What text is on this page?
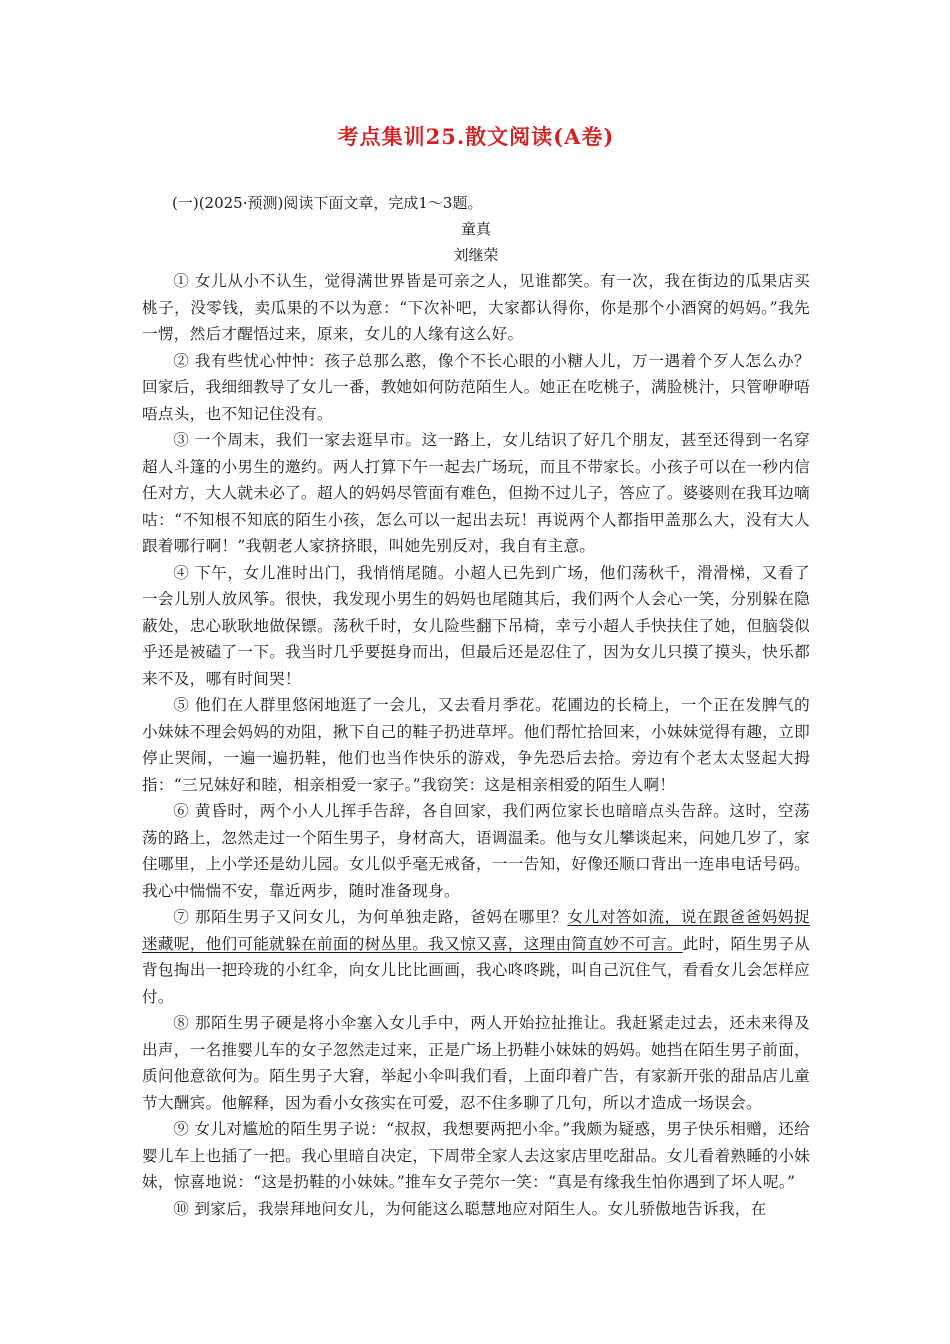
考点集训25.散文阅读(A卷)

(一)(2025·预测)阅读下面文章，完成1～3题。

童真

刘继荣

① 女儿从小不认生，觉得满世界皆是可亲之人，见谁都笑。有一次，我在街边的瓜果店买桃子，没零钱，卖瓜果的不以为意：“下次补吧，大家都认得你，你是那个小酒窝的妈妈。”我先一愣，然后才醒悟过来，原来，女儿的人缘有这么好。

② 我有些忧心忡忡：孩子总那么憨，像个不长心眼的小糖人儿，万一遇着个歹人怎么办？回家后，我细细教导了女儿一番，教她如何防范陌生人。她正在吃桃子，满脸桃汁，只管咿咿唔唔点头，也不知记住没有。

③ 一个周末，我们一家去逛早市。这一路上，女儿结识了好几个朋友，甚至还得到一名穿超人斗篷的小男生的邀约。两人打算下午一起去广场玩，而且不带家长。小孩子可以在一秒内信任对方，大人就未必了。超人的妈妈尽管面有难色，但拗不过儿子，答应了。婆婆则在我耳边嘀咕：“不知根不知底的陌生小孩，怎么可以一起出去玩！再说两个人都指甲盖那么大，没有大人跟着哪行啊！”我朝老人家挤挤眼，叫她先别反对，我自有主意。

④ 下午，女儿准时出门，我悄悄尾随。小超人已先到广场，他们荡秋千，滑滑梯，又看了一会儿别人放风筝。很快，我发现小男生的妈妈也尾随其后，我们两个人会心一笑，分别躲在隐蔽处，忠心耿耿地做保镖。荡秋千时，女儿险些翻下吊椅，幸亏小超人手快扶住了她，但脑袋似乎还是被磕了一下。我当时几乎要挺身而出，但最后还是忍住了，因为女儿只摸了摸头，快乐都来不及，哪有时间哭！

⑤ 他们在人群里悠闲地逛了一会儿，又去看月季花。花圃边的长椅上，一个正在发脾气的小妹妹不理会妈妈的劝阻，揪下自己的鞋子扔进草坪。他们帮忙拾回来，小妹妹觉得有趣，立即停止哭闹，一遍一遍扔鞋，他们也当作快乐的游戏，争先恐后去拾。旁边有个老太太竖起大拇指：“三兄妹好和睦，相亲相爱一家子。”我窃笑：这是相亲相爱的陌生人啊！

⑥ 黄昏时，两个小人儿挥手告辞，各自回家，我们两位家长也暗暗点头告辞。这时，空荡荡的路上，忽然走过一个陌生男子，身材高大，语调温柔。他与女儿攀谈起来，问她几岁了，家住哪里，上小学还是幼儿园。女儿似乎毫无戒备，一一告知，好像还顺口背出一连串电话号码。我心中惴惴不安，靠近两步，随时准备现身。

⑦ 那陌生男子又问女儿，为何单独走路，爸妈在哪里？女儿对答如流，说在跟爸爸妈妈捉迷藏呢，他们可能就躲在前面的树丛里。我又惊又喜，这理由简直妙不可言。此时，陌生男子从背包掏出一把玲珑的小红伞，向女儿比比画画，我心咚咚跳，叫自己沉住气，看看女儿会怎样应付。

⑧ 那陌生男子硬是将小伞塞入女儿手中，两人开始拉扯推让。我赶紧走过去，还未来得及出声，一名推婴儿车的女子忽然走过来，正是广场上扔鞋小妹妹的妈妈。她挡在陌生男子前面，质问他意欲何为。陌生男子大窘，举起小伞叫我们看，上面印着广告，有家新开张的甜品店儿童节大酬宾。他解释，因为看小女孩实在可爱，忍不住多聊了几句，所以才造成一场误会。

⑨ 女儿对尴尬的陌生男子说：“叔叔，我想要两把小伞。”我颇为疑惑，男子快乐相赠，还给婴儿车上也插了一把。我心里暗自决定，下周带全家人去这家店里吃甜品。女儿看着熟睡的小妹妹，惊喜地说：“这是扔鞋的小妹妹。”推车女子莞尔一笑：“真是有缘我生怕你遇到了坏人呢。”

⑩ 到家后，我崇拜地问女儿，为何能这么聪慧地应对陌生人。女儿骄傲地告诉我，在
